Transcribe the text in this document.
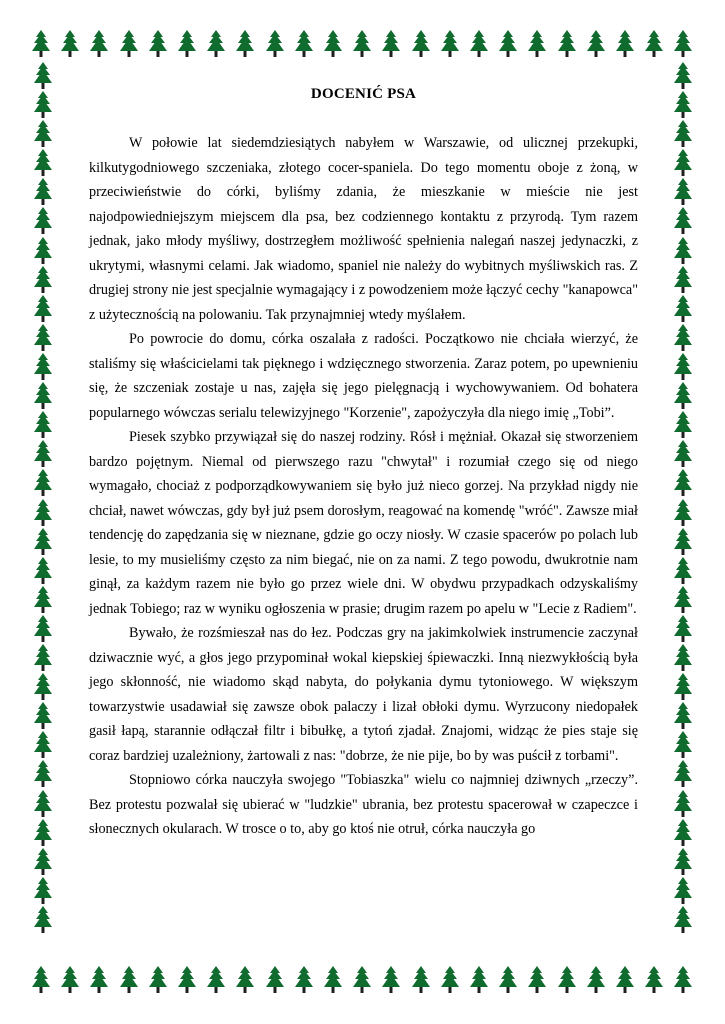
DOCENIĆ PSA

W połowie lat siedemdziesiątych nabyłem w Warszawie, od ulicznej przekupki, kilkutygodniowego szczeniaka, złotego cocer-spaniela. Do tego momentu oboje z żoną, w przeciwieństwie do córki, byliśmy zdania, że mieszkanie w mieście nie jest najodpowiedniejszym miejscem dla psa, bez codziennego kontaktu z przyrodą. Tym razem jednak, jako młody myśliwy, dostrzegłem możliwość spełnienia nalegań naszej jedynaczki, z ukrytymi, własnymi celami. Jak wiadomo, spaniel nie należy do wybitnych myśliwskich ras. Z drugiej strony nie jest specjalnie wymagający i z powodzeniem może łączyć cechy "kanapowca" z użytecznością na polowaniu. Tak przynajmniej wtedy myślałem.

Po powrocie do domu, córka oszalała z radości. Początkowo nie chciała wierzyć, że staliśmy się właścicielami tak pięknego i wdzięcznego stworzenia. Zaraz potem, po upewnieniu się, że szczeniak zostaje u nas, zajęła się jego pielęgnacją i wychowywaniem. Od bohatera popularnego wówczas serialu telewizyjnego "Korzenie", zapożyczyła dla niego imię „Tobi”.

Piesek szybko przywiązał się do naszej rodziny. Rósł i mężniał. Okazał się stworzeniem bardzo pojętnym. Niemal od pierwszego razu "chwytał" i rozumiał czego się od niego wymagało, chociaż z podporządkowywaniem się było już nieco gorzej. Na przykład nigdy nie chciał, nawet wówczas, gdy był już psem dorosłym, reagować na komendę "wróć". Zawsze miał tendencję do zapędzania się w nieznane, gdzie go oczy niosły. W czasie spacerów po polach lub lesie, to my musieliśmy często za nim biegać, nie on za nami. Z tego powodu, dwukrotnie nam ginął, za każdym razem nie było go przez wiele dni. W obydwu przypadkach odzyskaliśmy jednak Tobiego; raz w wyniku ogłoszenia w prasie; drugim razem po apelu w "Lecie z Radiem".

Bywało, że rozśmieszał nas do łez. Podczas gry na jakimkolwiek instrumencie zaczynał dziwacznie wyć, a głos jego przypominał wokal kiepskiej śpiewaczki. Inną niezwykłością była jego skłonność, nie wiadomo skąd nabyta, do połykania dymu tytoniowego. W większym towarzystwie usadawiał się zawsze obok palaczy i lizał obłoki dymu. Wyrzucony niedopałek gasił łapą, starannie odłączał filtr i bibułkę, a tytoń zjadał. Znajomi, widząc że pies staje się coraz bardziej uzależniony, żartowali z nas: "dobrze, że nie pije, bo by was puścił z torbami".

Stopniowo córka nauczyła swojego "Tobiaszka" wielu co najmniej dziwnych „rzeczy”. Bez protestu pozwalał się ubierać w "ludzkie" ubrania, bez protestu spacerował w czapeczce i słonecznych okularach. W trosce o to, aby go ktoś nie otruł, córka nauczyła go
